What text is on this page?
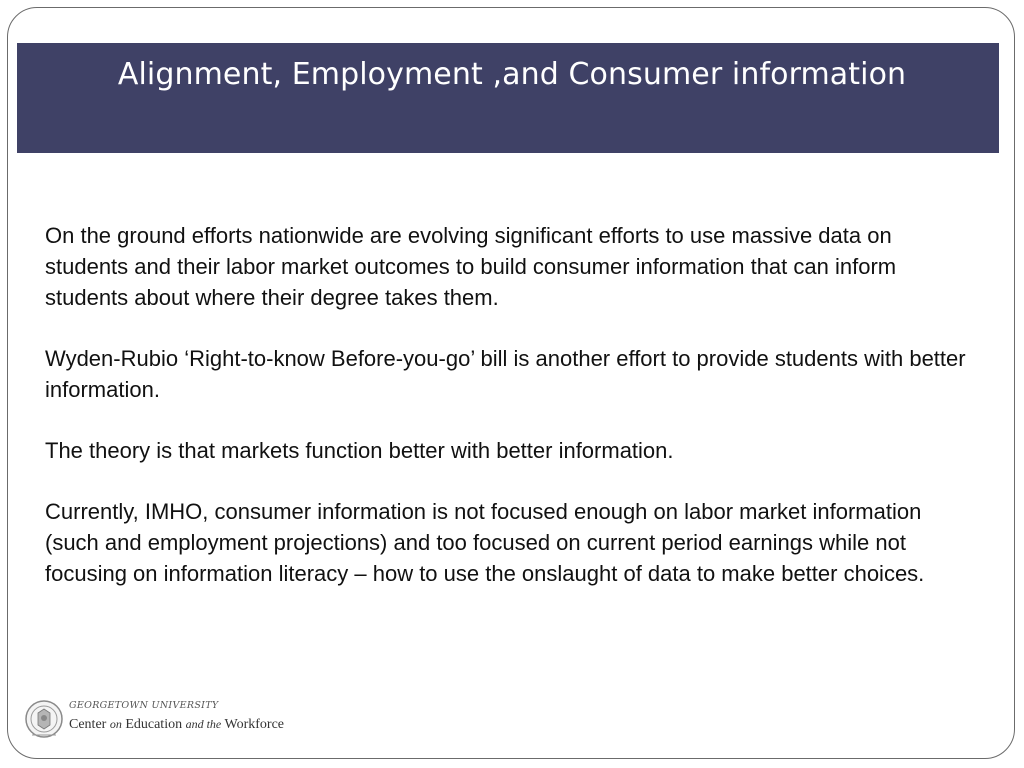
Alignment, Employment ,and Consumer information

On the ground efforts nationwide are evolving significant efforts to use massive data on students and their labor market outcomes to build consumer information that can inform students about where their degree takes them.

Wyden-Rubio ‘Right-to-know Before-you-go’ bill is another effort to provide students with better information.

The theory is that markets function better with better information.

Currently, IMHO, consumer information is not focused enough on labor market information (such and employment projections) and too focused on current period earnings while not focusing on information literacy – how to use the onslaught of data to make better choices.

GEORGETOWN UNIVERSITY
Center on Education and the Workforce
